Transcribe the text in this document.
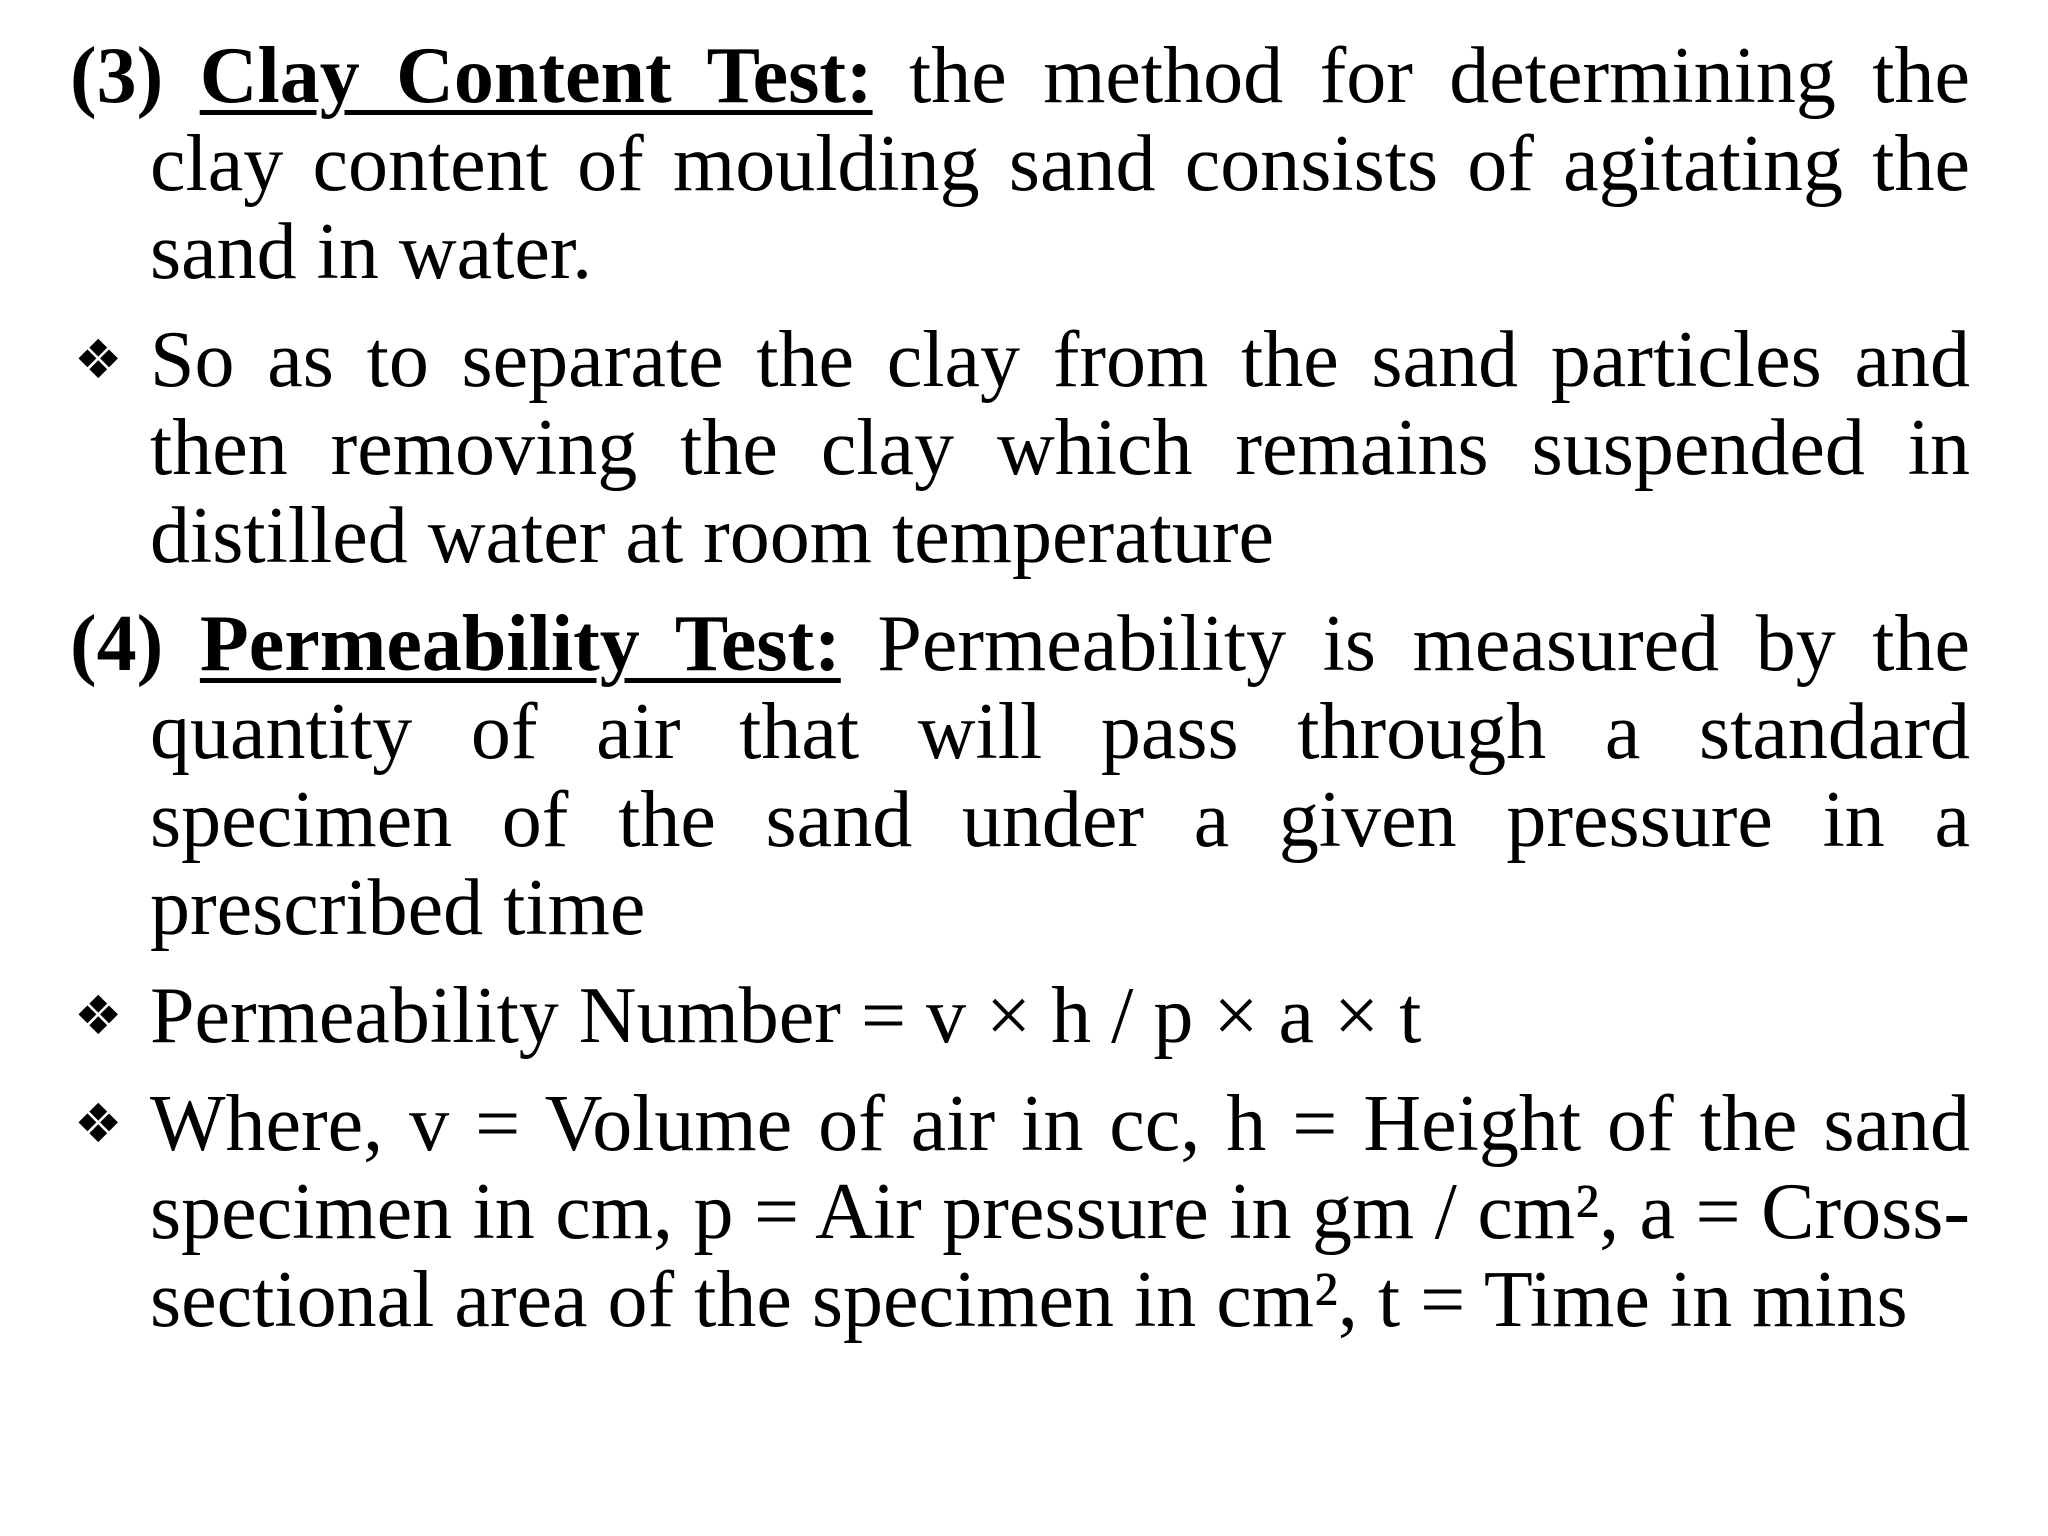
(3) Clay Content Test: the method for determining the clay content of moulding sand consists of agitating the sand in water.
❖ So as to separate the clay from the sand particles and then removing the clay which remains suspended in distilled water at room temperature
(4) Permeability Test: Permeability is measured by the quantity of air that will pass through a standard specimen of the sand under a given pressure in a prescribed time
❖ Permeability Number = v × h / p × a × t
❖ Where, v = Volume of air in cc, h = Height of the sand specimen in cm, p = Air pressure in gm / cm², a = Cross-sectional area of the specimen in cm², t = Time in mins
